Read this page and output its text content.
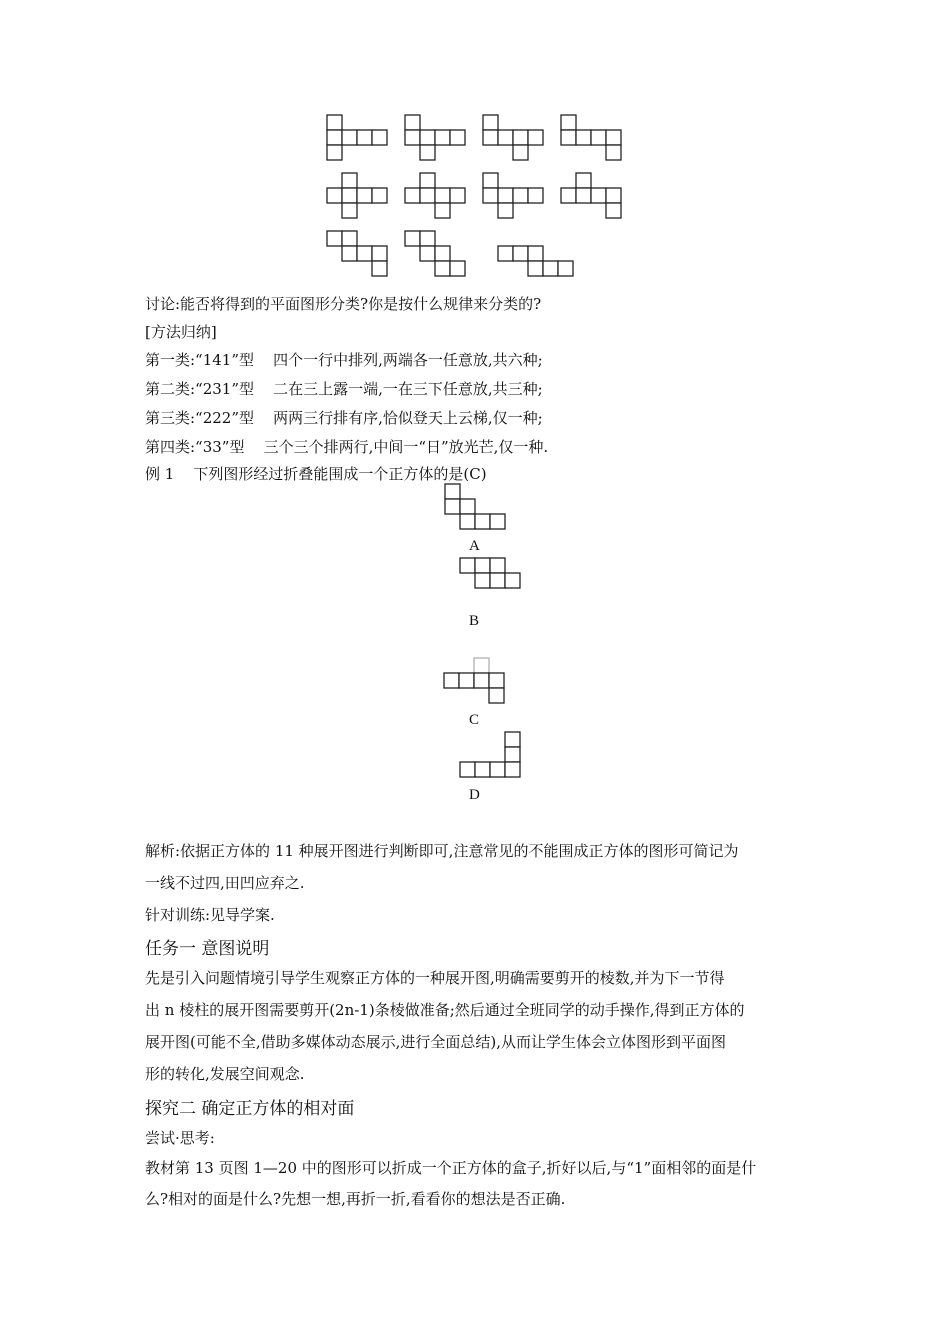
讨论:能否将得到的平面图形分类?你是按什么规律来分类的?
[方法归纳]
第一类:“141”型 四个一行中排列,两端各一任意放,共六种;
第二类:“231”型 二在三上露一端,一在三下任意放,共三种;
第三类:“222”型 两两三行排有序,恰似登天上云梯,仅一种;
第四类:“33”型 三个三个排两行,中间一“日”放光芒,仅一种.
例 1 下列图形经过折叠能围成一个正方体的是(C)
A
B
C
D
解析:依据正方体的 11 种展开图进行判断即可,注意常见的不能围成正方体的图形可简记为
一线不过四,田凹应弃之.
针对训练:见导学案.
任务一 意图说明
先是引入问题情境引导学生观察正方体的一种展开图,明确需要剪开的棱数,并为下一节得
出 n 棱柱的展开图需要剪开(2n-1)条棱做准备;然后通过全班同学的动手操作,得到正方体的
展开图(可能不全,借助多媒体动态展示,进行全面总结),从而让学生体会立体图形到平面图
形的转化,发展空间观念.
探究二 确定正方体的相对面
尝试·思考:
教材第 13 页图 1—20 中的图形可以折成一个正方体的盒子,折好以后,与“1”面相邻的面是什
么?相对的面是什么?先想一想,再折一折,看看你的想法是否正确.
